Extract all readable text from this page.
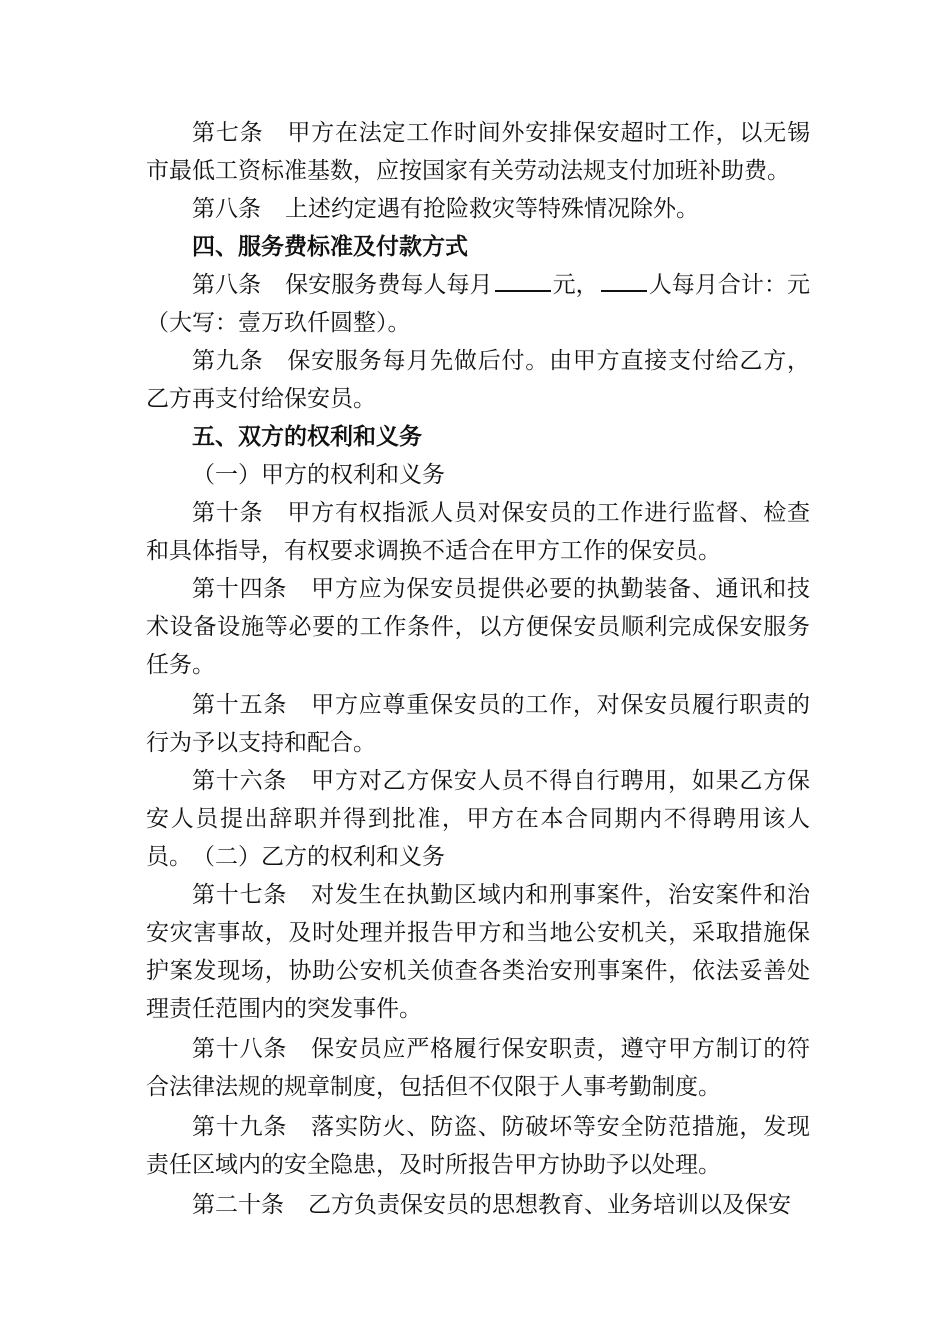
第七条 甲方在法定工作时间外安排保安超时工作，以无锡市最低工资标准基数，应按国家有关劳动法规支付加班补助费。
第八条 上述约定遇有抢险救灾等特殊情况除外。
四、服务费标准及付款方式
第八条 保安服务费每人每月	元， 人每月合计：元（大写：壹万玖仟圆整）。
第九条 保安服务每月先做后付。由甲方直接支付给乙方，乙方再支付给保安员。
五、双方的权利和义务
（一）甲方的权利和义务
第十条 甲方有权指派人员对保安员的工作进行监督、检查和具体指导，有权要求调换不适合在甲方工作的保安员。
第十四条 甲方应为保安员提供必要的执勤装备、通讯和技术设备设施等必要的工作条件，以方便保安员顺利完成保安服务任务。
第十五条 甲方应尊重保安员的工作，对保安员履行职责的行为予以支持和配合。
第十六条 甲方对乙方保安人员不得自行聘用，如果乙方保安人员提出辞职并得到批准，甲方在本合同期内不得聘用该人员。 （二）乙方的权利和义务
第十七条 对发生在执勤区域内和刑事案件，治安案件和治安灾害事故，及时处理并报告甲方和当地公安机关，采取措施保护案发现场，协助公安机关侦查各类治安刑事案件，依法妥善处理责任范围内的突发事件。
第十八条 保安员应严格履行保安职责，遵守甲方制订的符合法律法规的规章制度，包括但不仅限于人事考勤制度。
第十九条 落实防火、防盗、防破坏等安全防范措施，发现责任区域内的安全隐患，及时所报告甲方协助予以处理。
第二十条 乙方负责保安员的思想教育、业务培训以及保安
